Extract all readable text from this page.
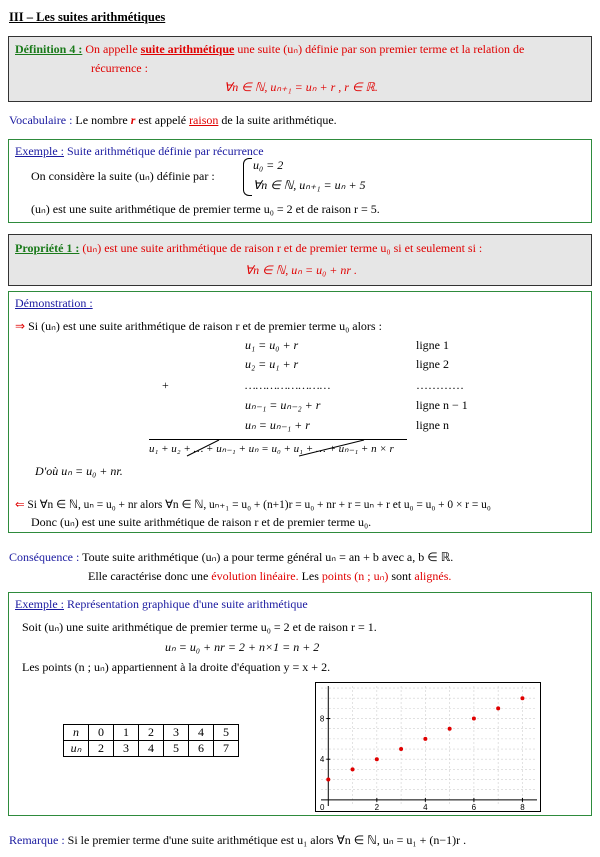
III – Les suites arithmétiques
Définition 4 : On appelle suite arithmétique une suite (uₙ) définie par son premier terme et la relation de
récurrence :
∀n ∈ ℕ, uₙ₊₁ = uₙ + r , r ∈ ℝ.
Vocabulaire : Le nombre r est appelé raison de la suite arithmétique.
Exemple : Suite arithmétique définie par récurrence
On considère la suite (uₙ) définie par :
u₀ = 2
∀n ∈ ℕ, uₙ₊₁ = uₙ + 5
(uₙ) est une suite arithmétique de premier terme u₀ = 2 et de raison r = 5.
Propriété 1 : (uₙ) est une suite arithmétique de raison r et de premier terme u₀ si et seulement si :
∀n ∈ ℕ, uₙ = u₀ + nr .
Démonstration :
⇒ Si (uₙ) est une suite arithmétique de raison r et de premier terme u₀ alors :
u₁ = u₀ + r	ligne 1
u₂ = u₁ + r	ligne 2
……………………	…………
uₙ₋₁ = uₙ₋₂ + r	ligne n − 1
uₙ = uₙ₋₁ + r	ligne n
+
u₁ + u₂ + … + uₙ₋₁ + uₙ = u₀ + u₁ + … + uₙ₋₁ + n × r
D'où uₙ = u₀ + nr.
⇐ Si ∀n ∈ ℕ, uₙ = u₀ + nr alors ∀n ∈ ℕ, uₙ₊₁ = u₀ + (n+1)r = u₀ + nr + r = uₙ + r et u₀ = u₀ + 0 × r = u₀
Donc (uₙ) est une suite arithmétique de raison r et de premier terme u₀.
Conséquence : Toute suite arithmétique (uₙ) a pour terme général uₙ = an + b avec a, b ∈ ℝ.
Elle caractérise donc une évolution linéaire. Les points (n ; uₙ) sont alignés.
Exemple : Représentation graphique d'une suite arithmétique
Soit (uₙ) une suite arithmétique de premier terme u₀ = 2 et de raison r = 1.
uₙ = u₀ + nr = 2 + n×1 = n + 2
Les points (n ; uₙ) appartiennent à la droite d'équation y = x + 2.
n	0	1	2	3	4	5
uₙ	2	3	4	5	6	7
0	2	4	6	8
4
8
Remarque : Si le premier terme d'une suite arithmétique est u₁ alors ∀n ∈ ℕ, uₙ = u₁ + (n−1)r .
